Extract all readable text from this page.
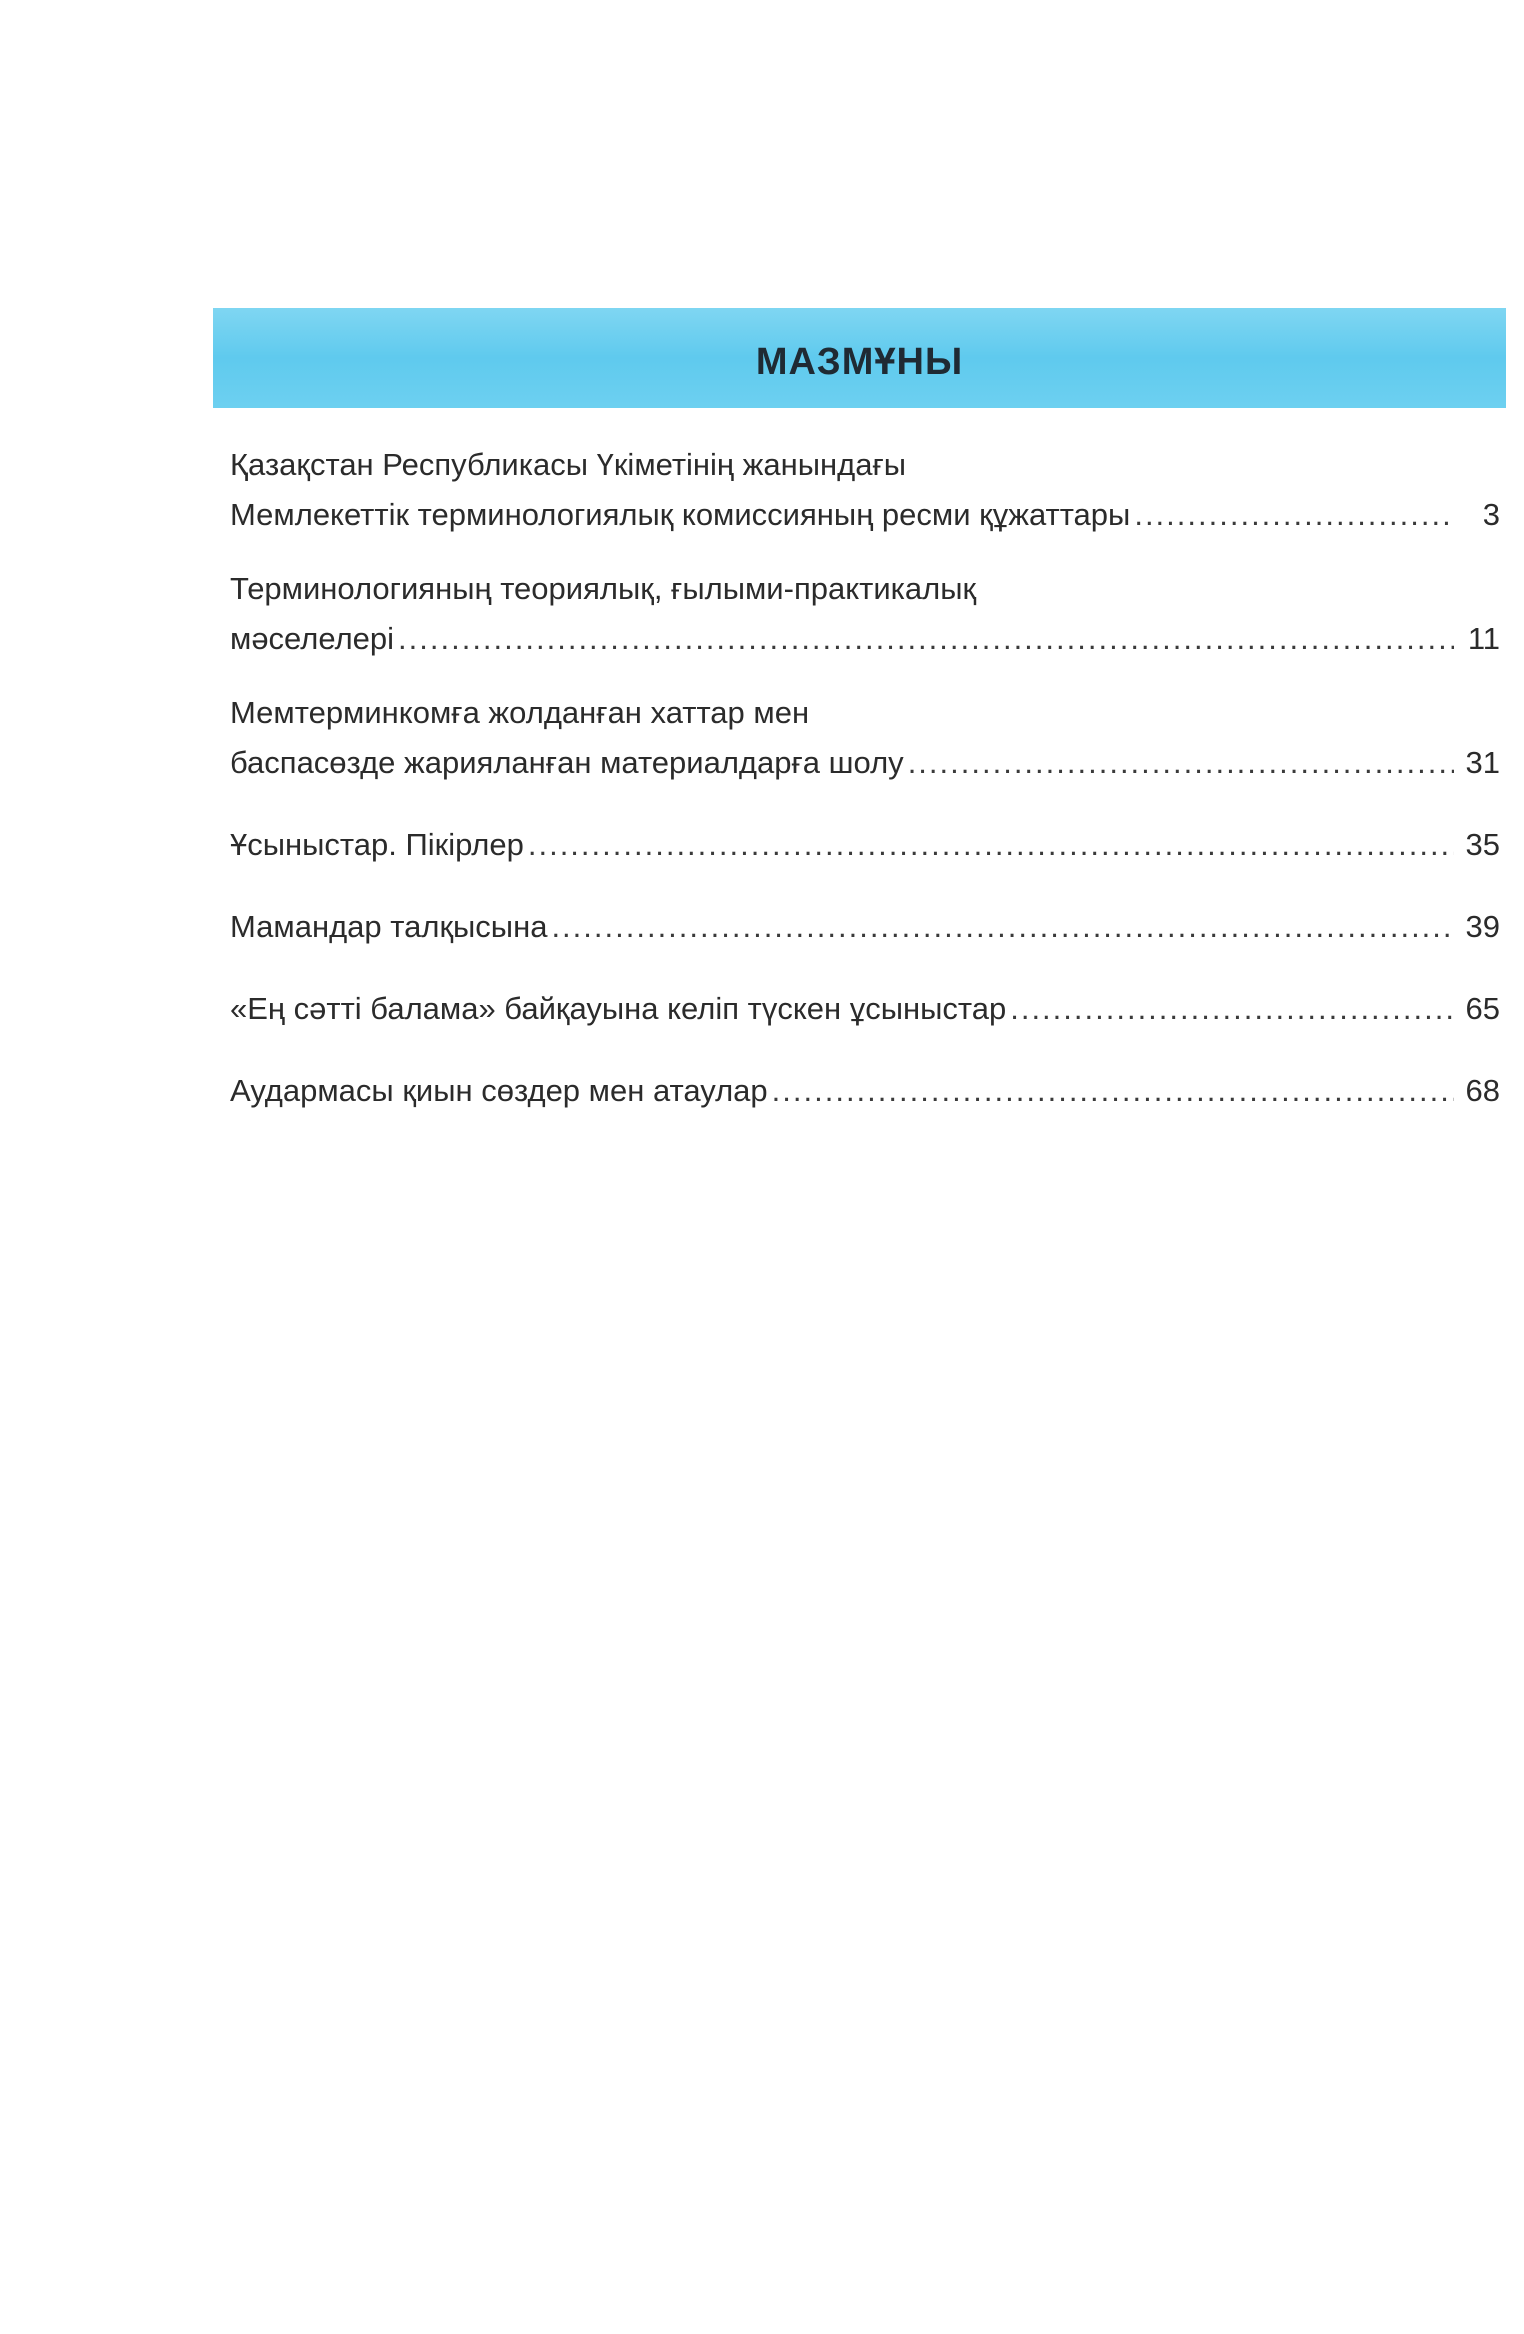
МАЗМҰНЫ
Қазақстан Республикасы Үкіметінің жанындағы
Мемлекеттік терминологиялық комиссияның ресми құжаттары .....	3
Терминологияның теориялық, ғылыми-практикалық
мәселелері .....	11
Мемтерминкомға жолданған хаттар мен
баспасөзде жарияланған материалдарға шолу .....	31
Ұсыныстар. Пікірлер .....	35
Мамандар талқысына .....	39
«Ең сәтті балама» байқауына келіп түскен ұсыныстар .....	65
Аудармасы қиын сөздер мен атаулар .....	68
